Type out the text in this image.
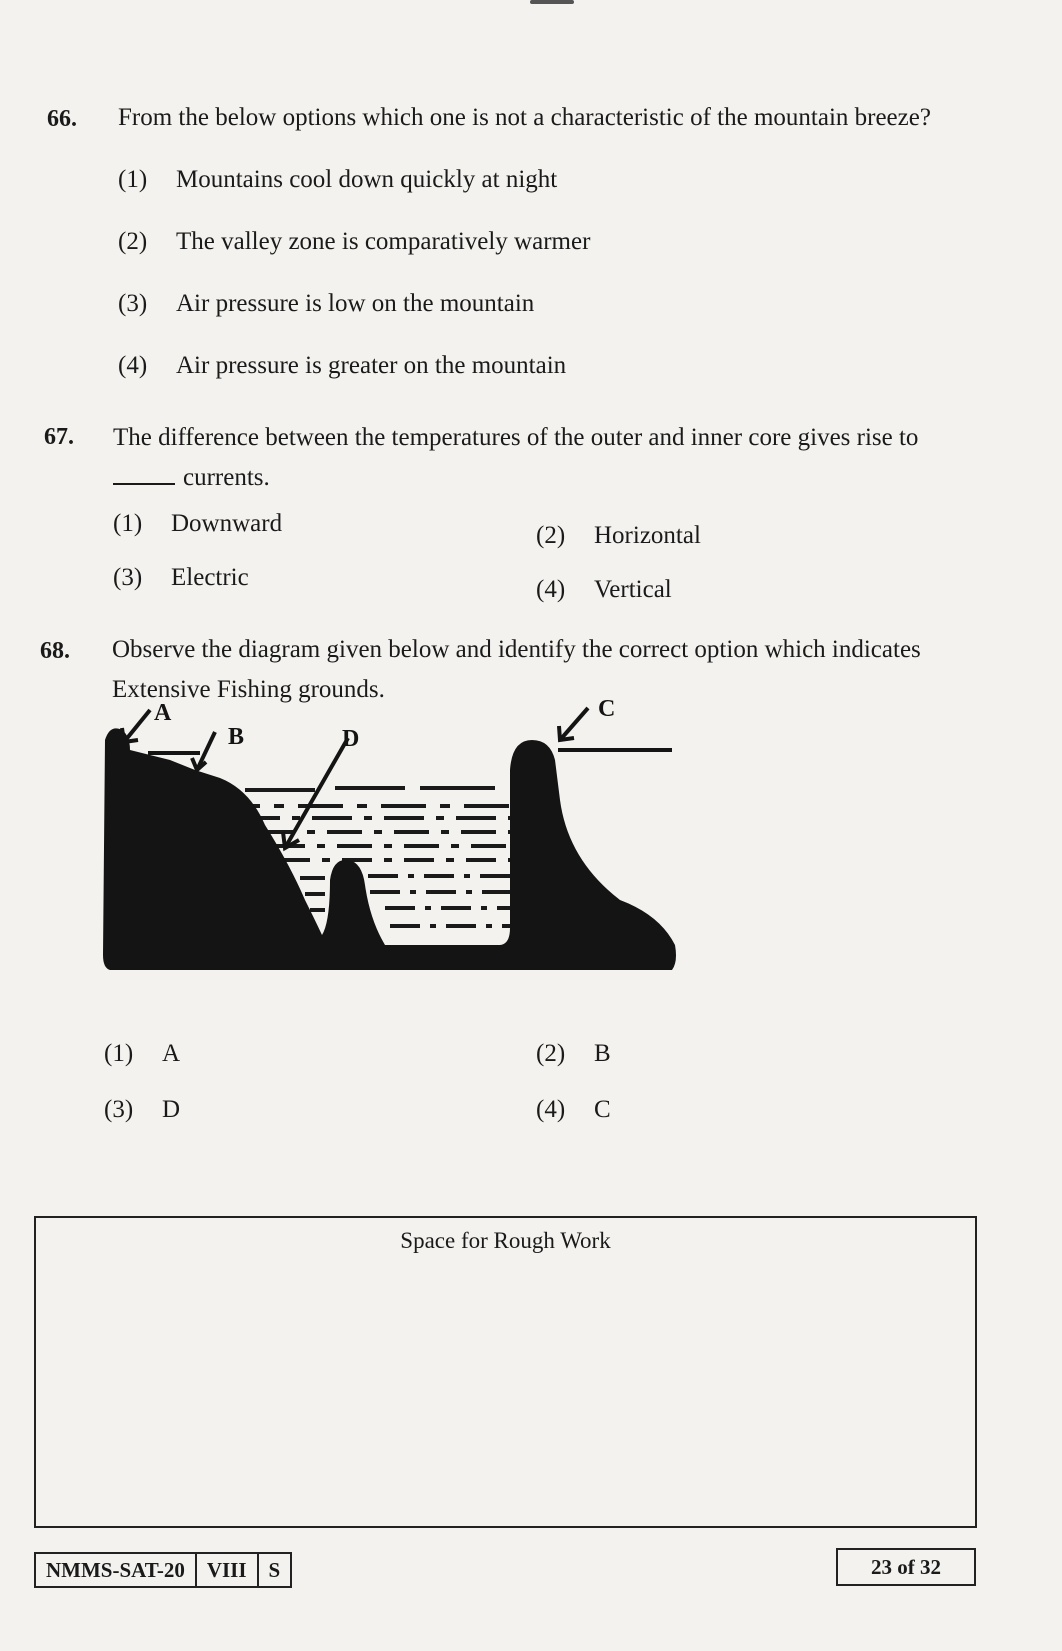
66. From the below options which one is not a characteristic of the mountain breeze?
(1) Mountains cool down quickly at night
(2) The valley zone is comparatively warmer
(3) Air pressure is low on the mountain
(4) Air pressure is greater on the mountain
67. The difference between the temperatures of the outer and inner core gives rise to
currents.
(1) Downward	(2) Horizontal
(3) Electric	(4) Vertical
68. Observe the diagram given below and identify the correct option which indicates
Extensive Fishing grounds.
A
B	D
C
(1) A	(2) B
(3) D	(4) C
Space for Rough Work
NMMS-SAT-20	VIII	S	23 of 32
